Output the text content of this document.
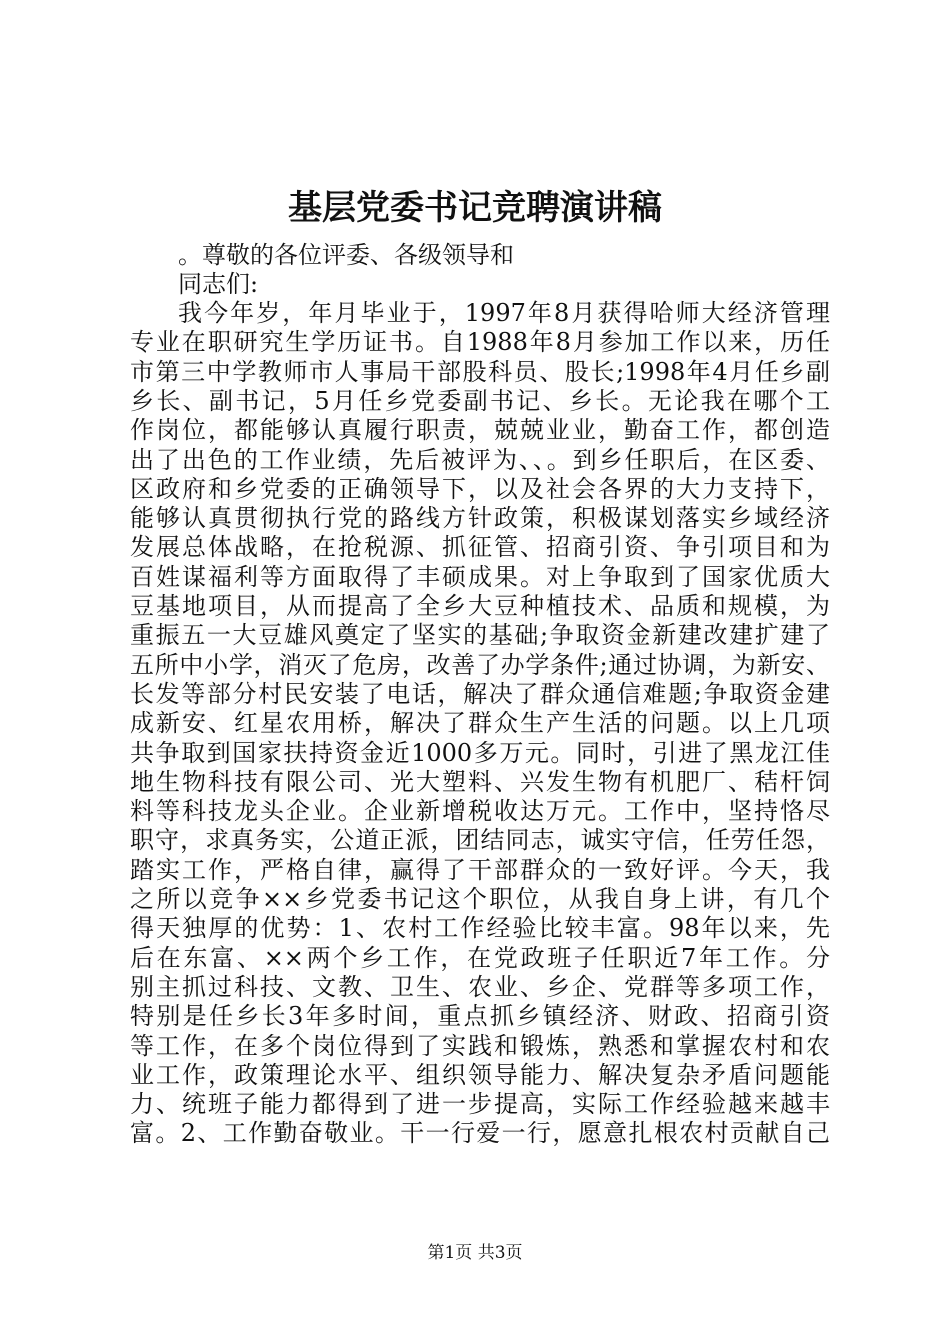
基层党委书记竞聘演讲稿
。尊敬的各位评委、各级领导和
同志们:
我今年岁，年月毕业于，1997年8月获得哈师大经济管理
专业在职研究生学历证书。自1988年8月参加工作以来，历任
市第三中学教师市人事局干部股科员、股长;1998年4月任乡副
乡长、副书记，5月任乡党委副书记、乡长。无论我在哪个工
作岗位，都能够认真履行职责，兢兢业业，勤奋工作，都创造
出了出色的工作业绩，先后被评为、、。到乡任职后，在区委、
区政府和乡党委的正确领导下，以及社会各界的大力支持下，
能够认真贯彻执行党的路线方针政策，积极谋划落实乡域经济
发展总体战略，在抢税源、抓征管、招商引资、争引项目和为
百姓谋福利等方面取得了丰硕成果。对上争取到了国家优质大
豆基地项目，从而提高了全乡大豆种植技术、品质和规模，为
重振五一大豆雄风奠定了坚实的基础;争取资金新建改建扩建了
五所中小学，消灭了危房，改善了办学条件;通过协调，为新安、
长发等部分村民安装了电话，解决了群众通信难题;争取资金建
成新安、红星农用桥，解决了群众生产生活的问题。以上几项
共争取到国家扶持资金近1000多万元。同时，引进了黑龙江佳
地生物科技有限公司、光大塑料、兴发生物有机肥厂、秸杆饲
料等科技龙头企业。企业新增税收达万元。工作中，坚持恪尽
职守，求真务实，公道正派，团结同志，诚实守信，任劳任怨，
踏实工作，严格自律，赢得了干部群众的一致好评。今天，我
之所以竞争××乡党委书记这个职位，从我自身上讲，有几个
得天独厚的优势：1、农村工作经验比较丰富。98年以来，先
后在东富、××两个乡工作，在党政班子任职近7年工作。分
别主抓过科技、文教、卫生、农业、乡企、党群等多项工作，
特别是任乡长3年多时间，重点抓乡镇经济、财政、招商引资
等工作，在多个岗位得到了实践和锻炼，熟悉和掌握农村和农
业工作，政策理论水平、组织领导能力、解决复杂矛盾问题能
力、统班子能力都得到了进一步提高，实际工作经验越来越丰
富。2、工作勤奋敬业。干一行爱一行，愿意扎根农村贡献自己
第1页 共3页
